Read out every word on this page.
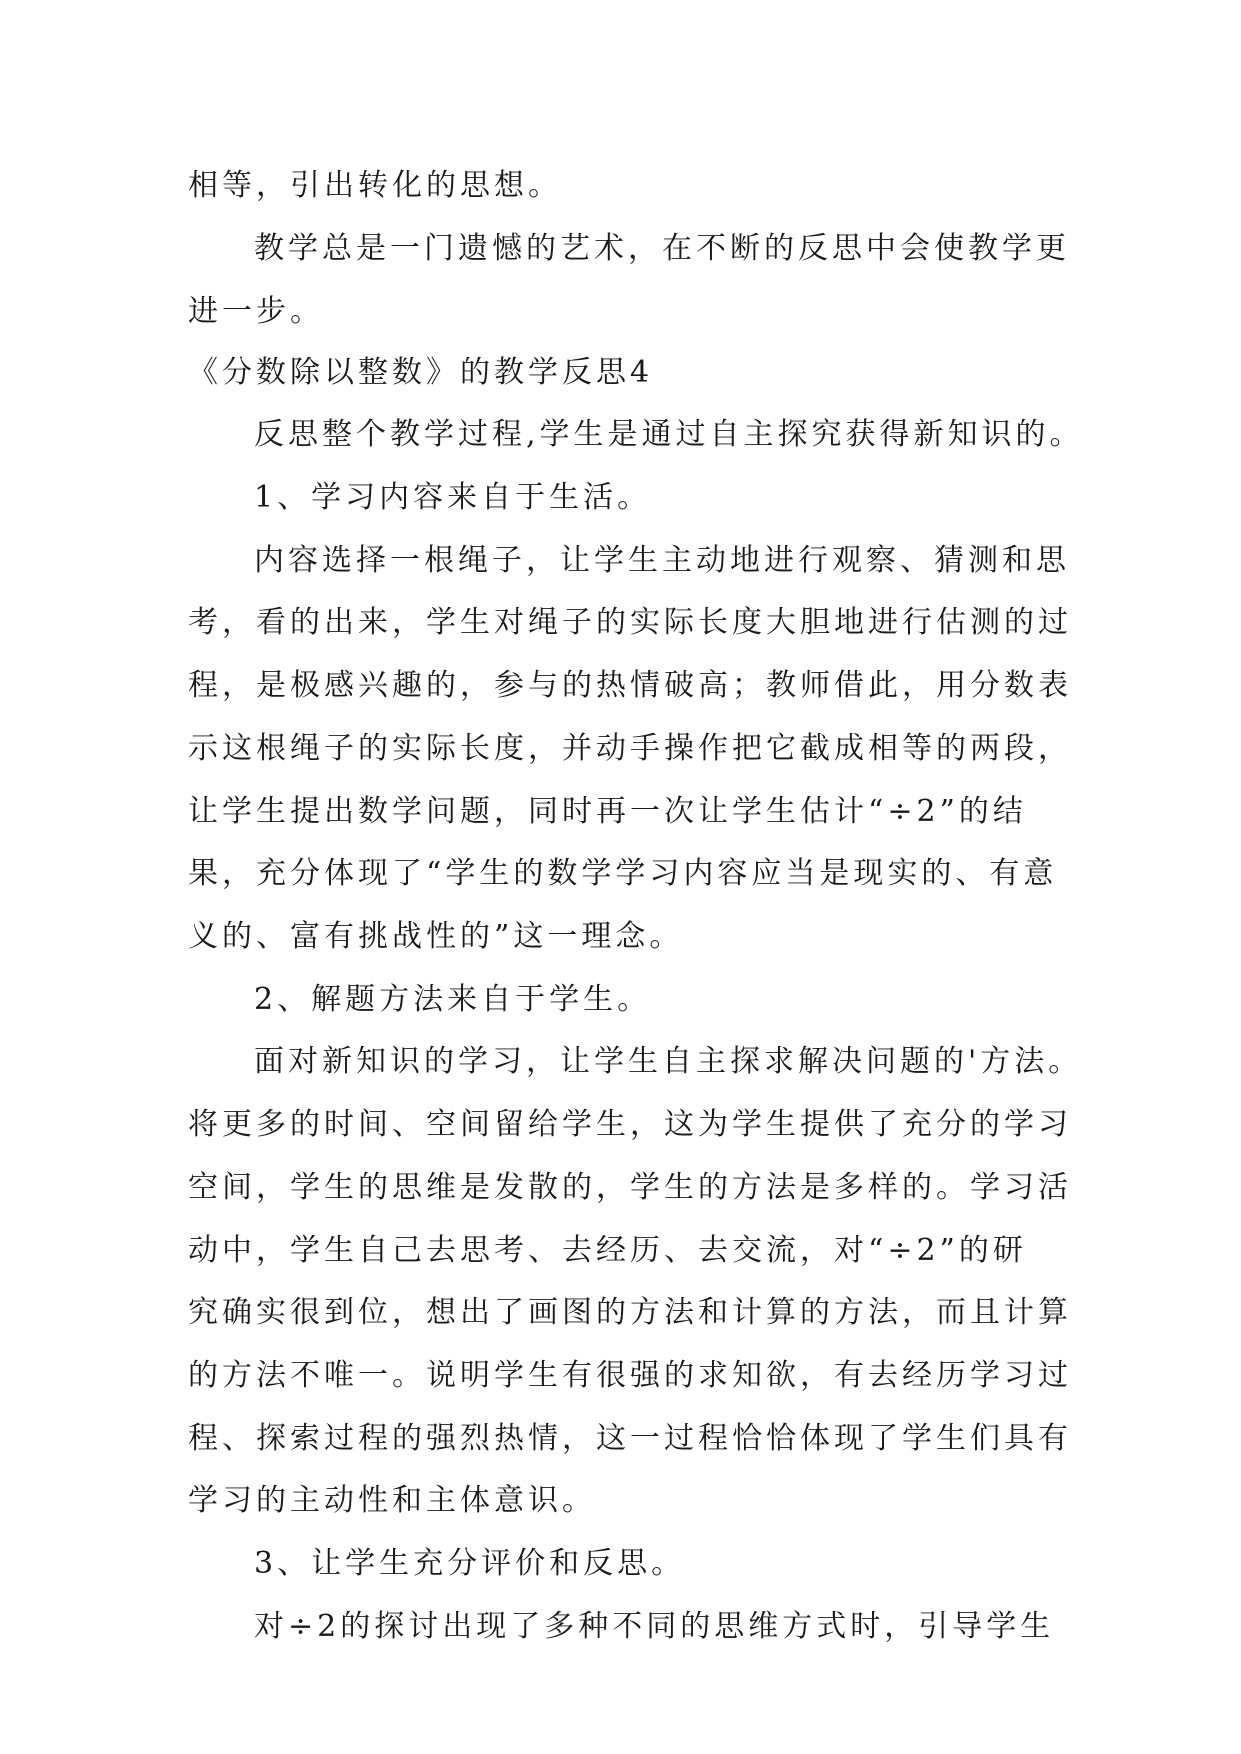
相等，引出转化的思想。
教学总是一门遗憾的艺术，在不断的反思中会使教学更
进一步。
《分数除以整数》的教学反思4
反思整个教学过程,学生是通过自主探究获得新知识的。
1、学习内容来自于生活。
内容选择一根绳子，让学生主动地进行观察、猜测和思
考，看的出来，学生对绳子的实际长度大胆地进行估测的过
程，是极感兴趣的，参与的热情破高；教师借此，用分数表
示这根绳子的实际长度，并动手操作把它截成相等的两段，
让学生提出数学问题，同时再一次让学生估计“÷2”的结
果，充分体现了“学生的数学学习内容应当是现实的、有意
义的、富有挑战性的”这一理念。
2、解题方法来自于学生。
面对新知识的学习，让学生自主探求解决问题的'方法。
将更多的时间、空间留给学生，这为学生提供了充分的学习
空间，学生的思维是发散的，学生的方法是多样的。学习活
动中，学生自己去思考、去经历、去交流，对“÷2”的研
究确实很到位，想出了画图的方法和计算的方法，而且计算
的方法不唯一。说明学生有很强的求知欲，有去经历学习过
程、探索过程的强烈热情，这一过程恰恰体现了学生们具有
学习的主动性和主体意识。
3、让学生充分评价和反思。
对÷2的探讨出现了多种不同的思维方式时，引导学生
